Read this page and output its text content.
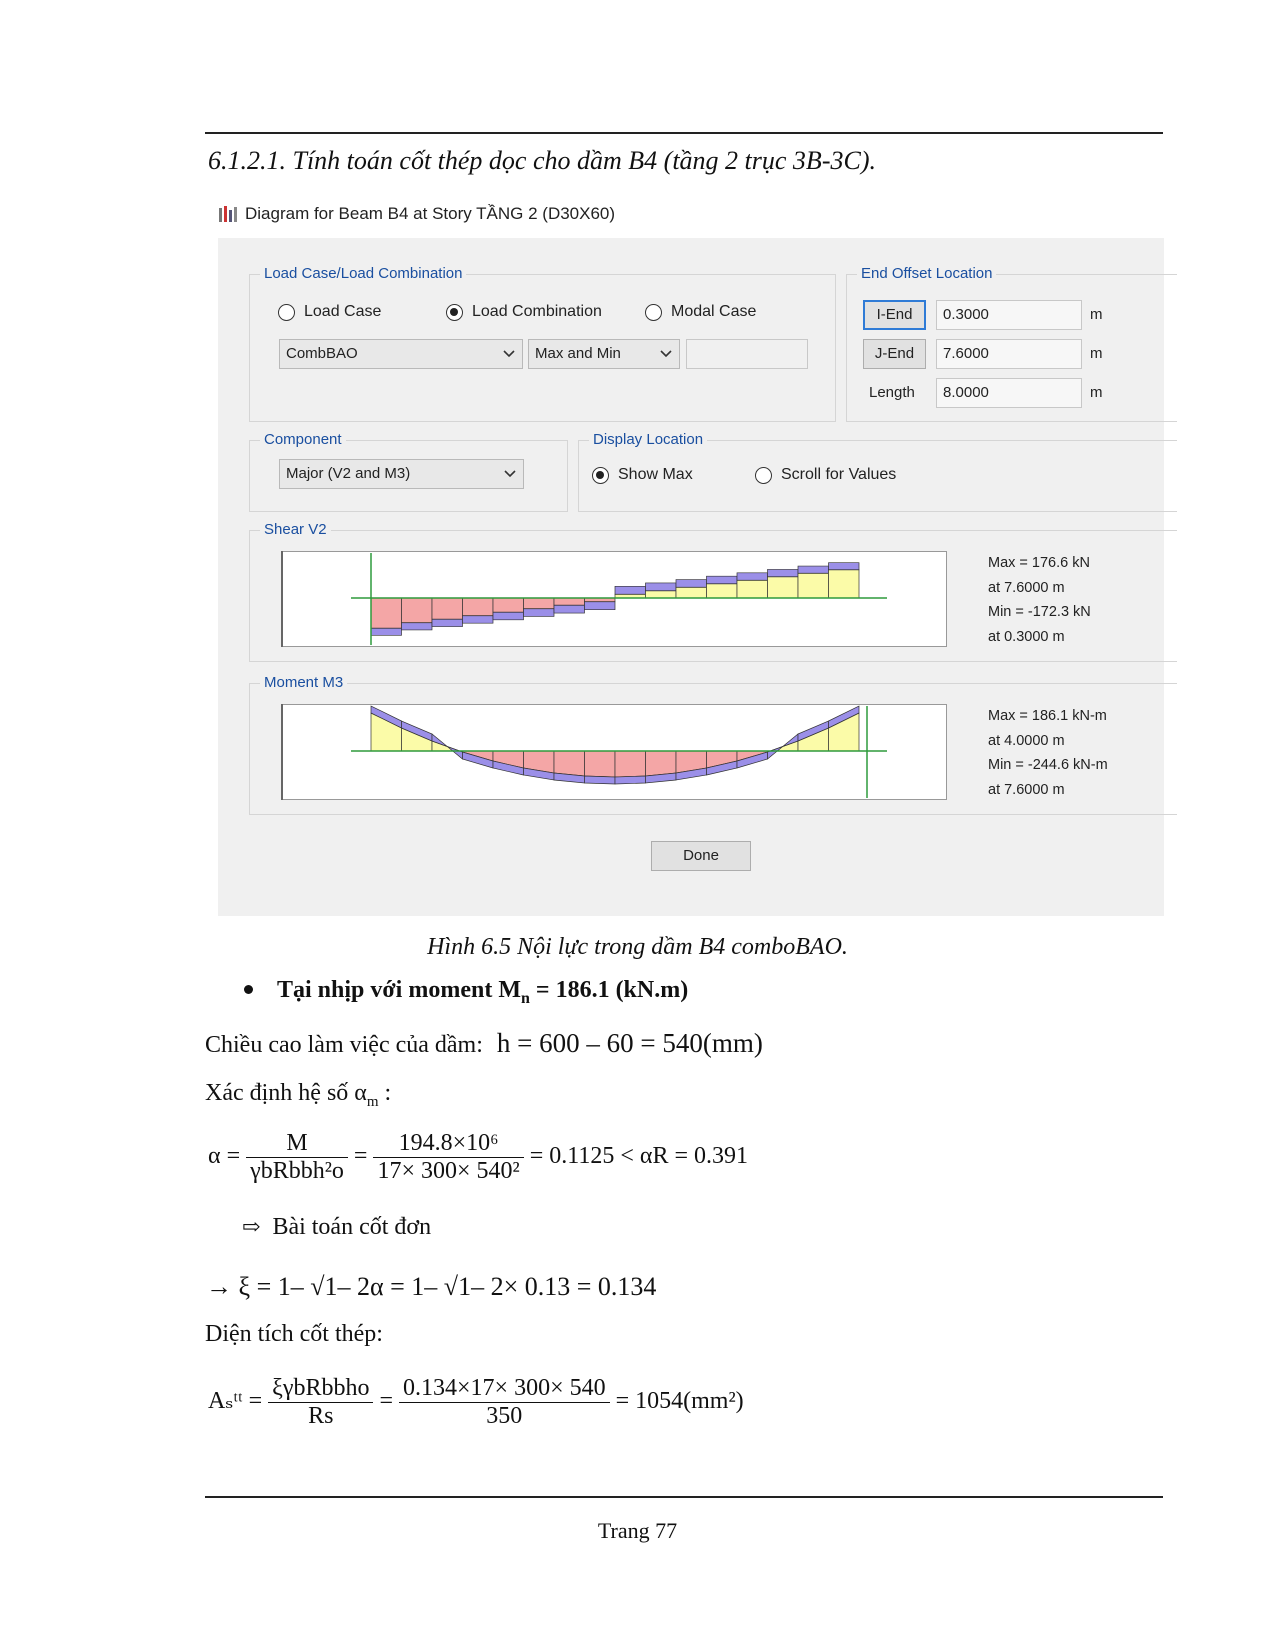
6.1.2.1. Tính toán cốt thép dọc cho dầm B4 (tầng 2 trục 3B-3C).
Diagram for Beam B4 at Story TẦNG 2 (D30X60)
Load Case/Load Combination
Load Case	Load Combination	Modal Case
CombBAO	Max and Min
End Offset Location
I-End	0.3000	m
J-End	7.6000	m
Length	8.0000	m
Component
Major (V2 and M3)
Display Location
Show Max	Scroll for Values
Shear V2
Max = 176.6 kN
at 7.6000 m
Min = -172.3 kN
at 0.3000 m
Moment M3
Max = 186.1 kN-m
at 4.0000 m
Min = -244.6 kN-m
at 7.6000 m
Done
Hình 6.5 Nội lực trong dầm B4 comboBAO.
Tại nhịp với moment $M_n = 186.1$ (kN.m)
Chiều cao làm việc của dầm: h = 600 – 60 = 540(mm)
Xác định hệ số $\alpha_m$ :
$\alpha = \frac{M}{\text{γbRbbh²o}} = \frac{\text{194.8×10⁶}}{\text{17× 300× 540²}} = 0.1125 < \alpha R = 0.391$
⇨ Bài toán cốt đơn
→ ξ = 1– √1– 2α = 1– √1– 2× 0.13 = 0.134
Diện tích cốt thép:
Aₛᵗᵗ = $\frac{\text{ξγbRbbho}}{Rs} = \frac{0.134\times 17\times 300\times 540}{350} = 1054(mm^2)$
Trang 77
